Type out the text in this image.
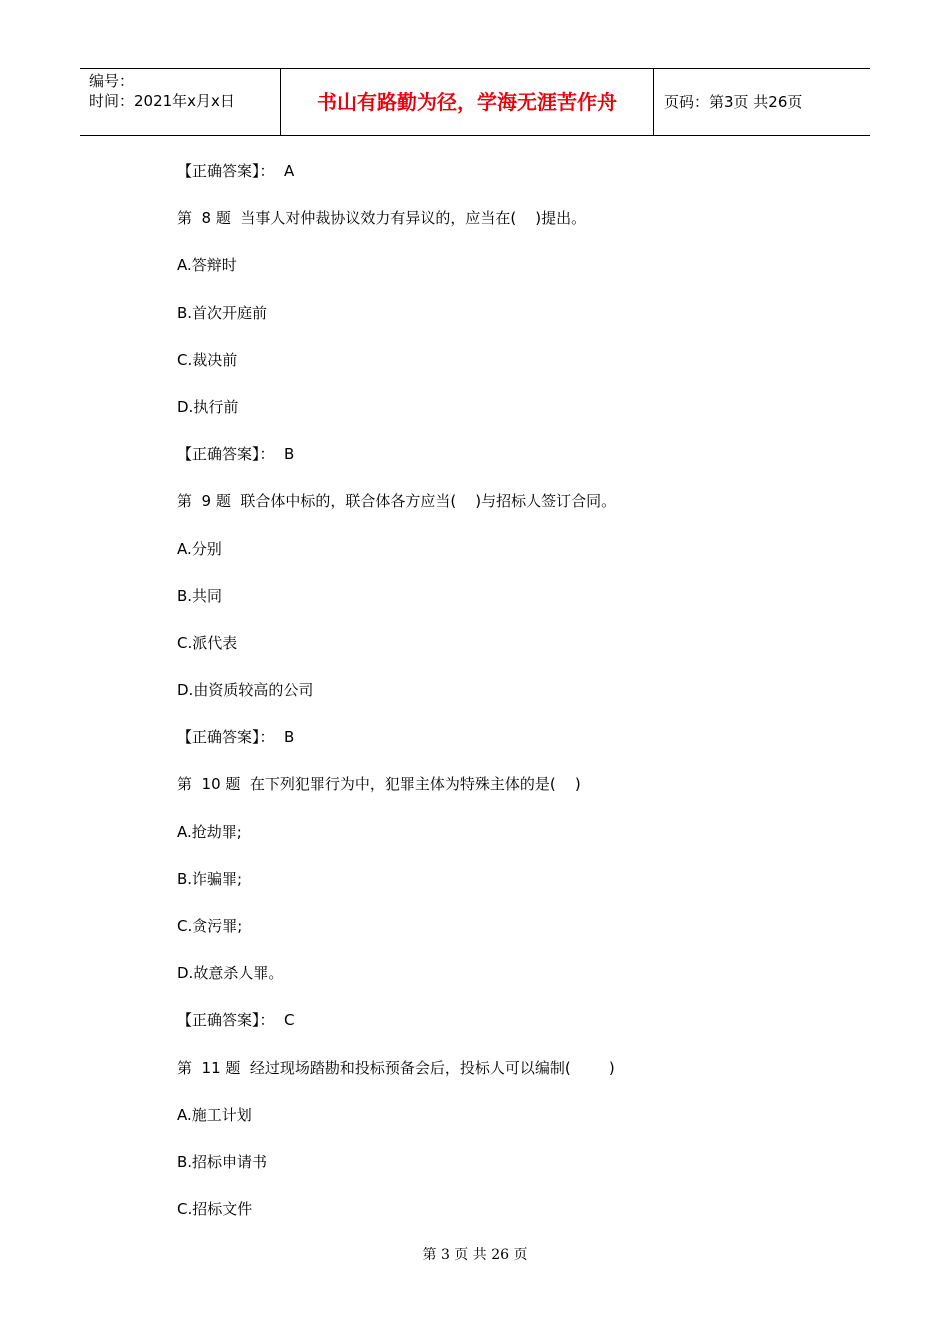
编号：
时间：2021年x月x日	书山有路勤为径，学海无涯苦作舟	页码：第3页 共26页
【正确答案】：  A
第  8 题  当事人对仲裁协议效力有异议的，应当在(    )提出。
A.答辩时
B.首次开庭前
C.裁决前
D.执行前
【正确答案】：  B
第  9 题  联合体中标的，联合体各方应当(    )与招标人签订合同。
A.分别
B.共同
C.派代表
D.由资质较高的公司
【正确答案】：  B
第  10 题  在下列犯罪行为中，犯罪主体为特殊主体的是(    )
A.抢劫罪;
B.诈骗罪;
C.贪污罪;
D.故意杀人罪。
【正确答案】：  C
第  11 题  经过现场踏勘和投标预备会后，投标人可以编制(        )
A.施工计划
B.招标申请书
C.招标文件
第 3 页 共 26 页
